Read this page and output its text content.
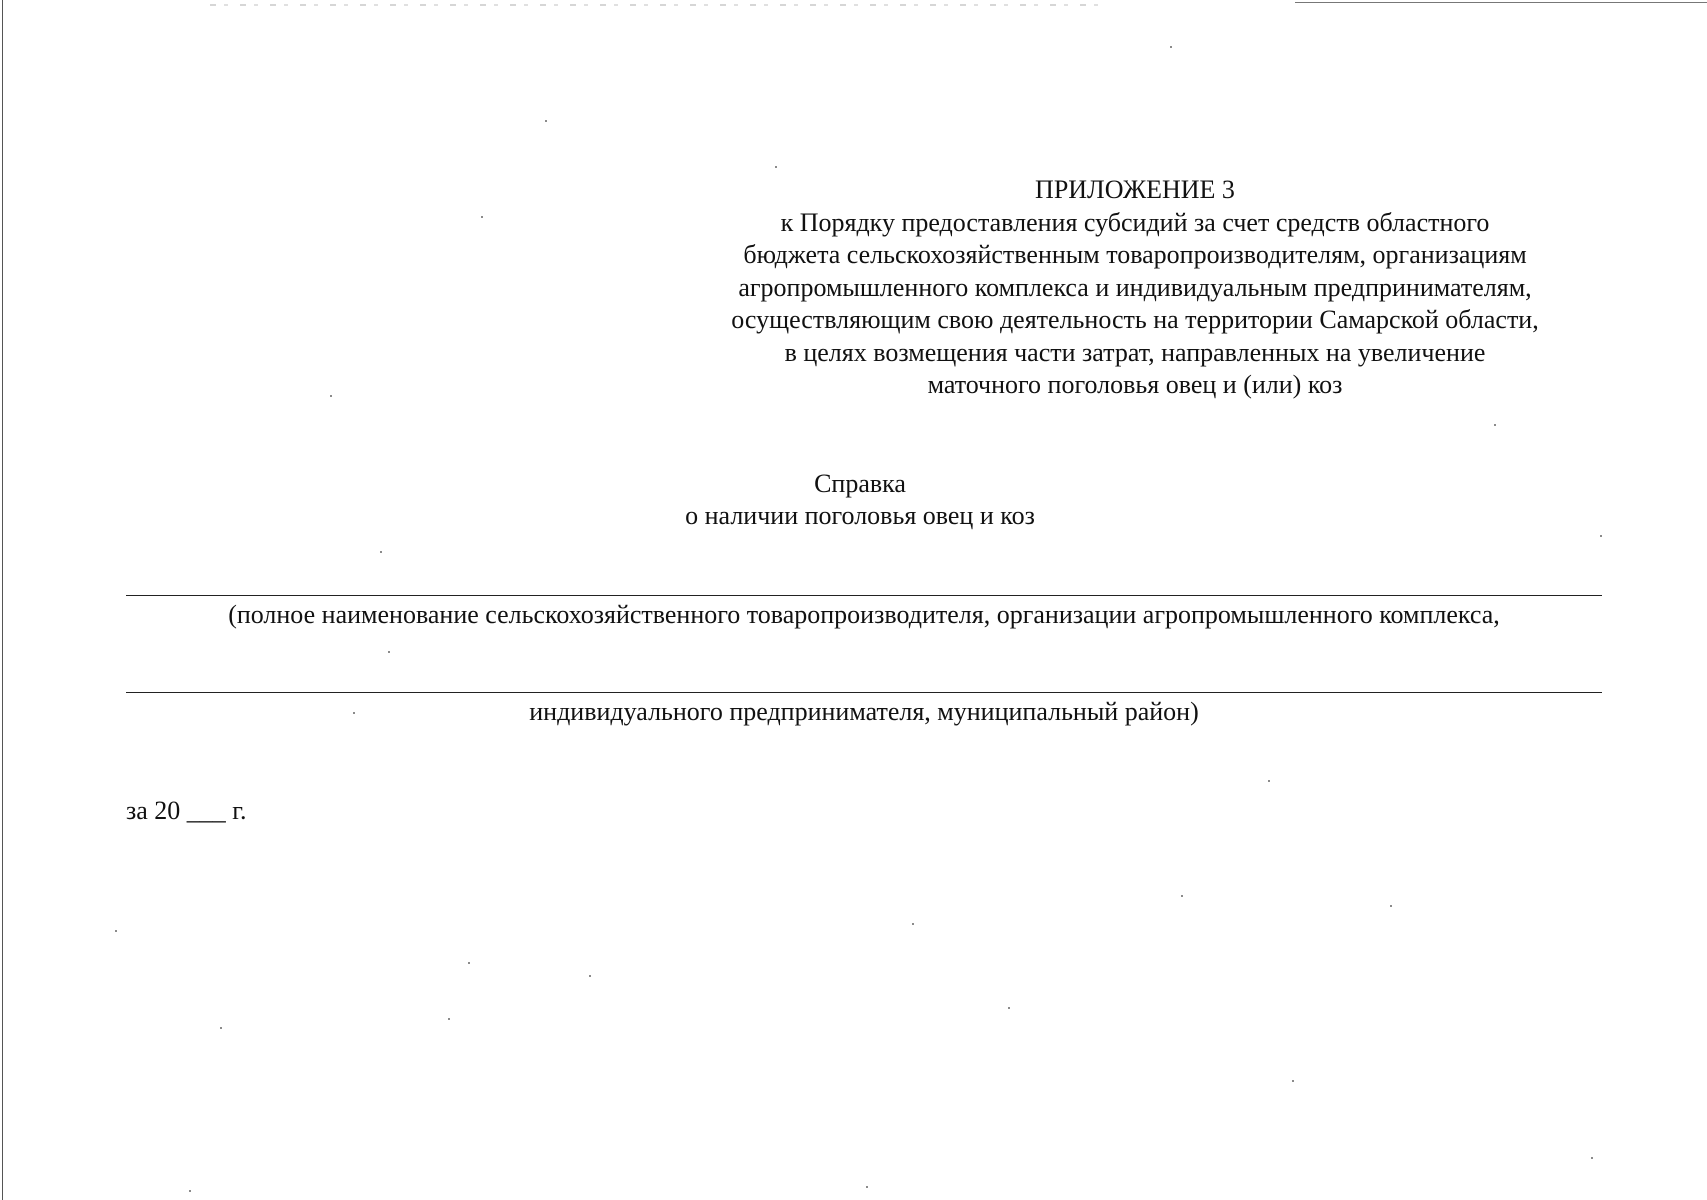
ПРИЛОЖЕНИЕ 3
к Порядку предоставления субсидий за счет средств областного
бюджета сельскохозяйственным товаропроизводителям, организациям
агропромышленного комплекса и индивидуальным предпринимателям,
осуществляющим свою деятельность на территории Самарской области,
в целях возмещения части затрат, направленных на увеличение
маточного поголовья овец и (или) коз
Справка
о наличии поголовья овец и коз
(полное наименование сельскохозяйственного товаропроизводителя, организации агропромышленного комплекса,
индивидуального предпринимателя, муниципальный район)
за 20 ___ г.
